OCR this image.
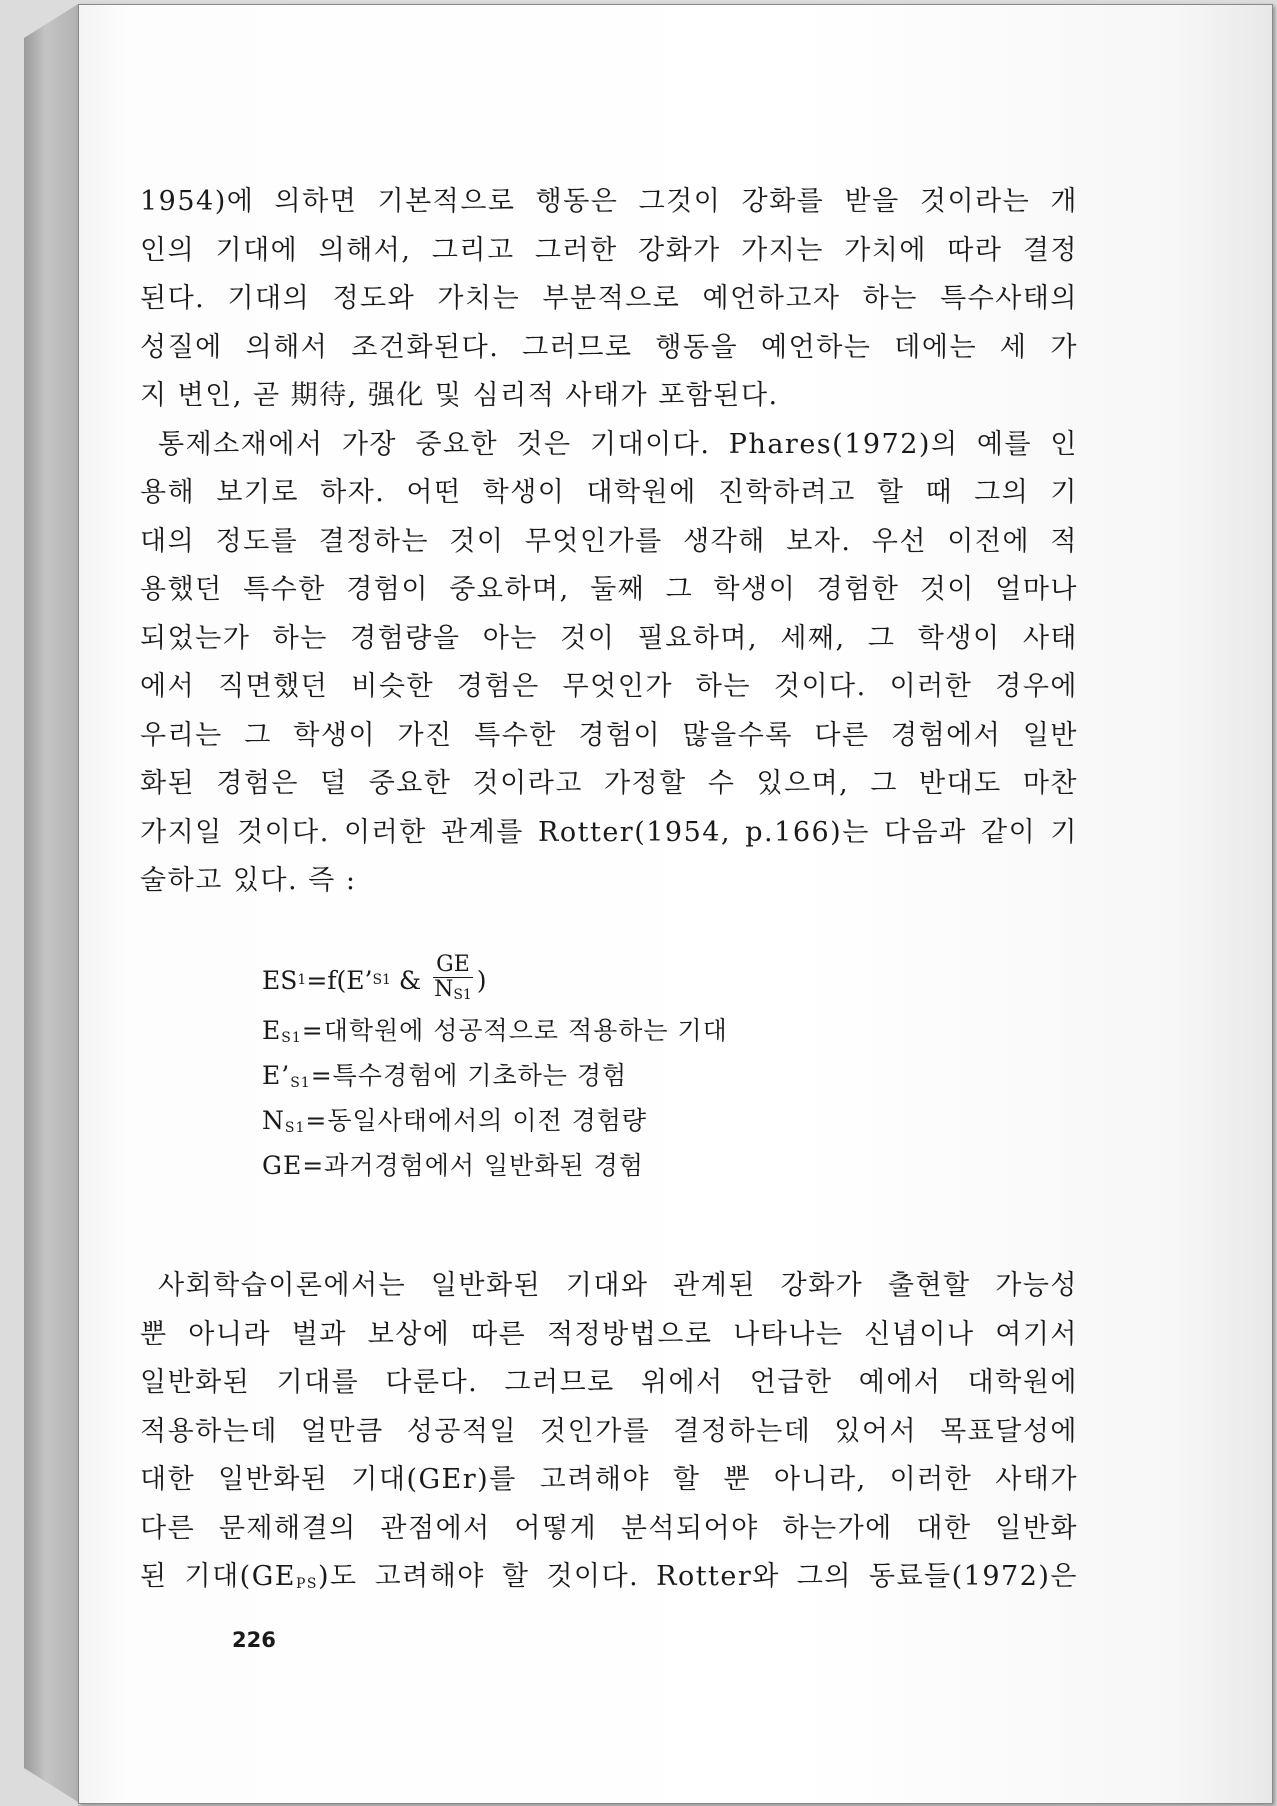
1954)에 의하면 기본적으로 행동은 그것이 강화를 받을 것이라는 개

인의 기대에 의해서, 그리고 그러한 강화가 가지는 가치에 따라 결정

된다. 기대의 정도와 가치는 부분적으로 예언하고자 하는 특수사태의

성질에 의해서 조건화된다. 그러므로 행동을 예언하는 데에는 세 가

지 변인, 곧 期待, 强化 및 심리적 사태가 포함된다.

통제소재에서 가장 중요한 것은 기대이다. Phares(1972)의 예를 인

용해 보기로 하자. 어떤 학생이 대학원에 진학하려고 할 때 그의 기

대의 정도를 결정하는 것이 무엇인가를 생각해 보자. 우선 이전에 적

용했던 특수한 경험이 중요하며, 둘째 그 학생이 경험한 것이 얼마나

되었는가 하는 경험량을 아는 것이 필요하며, 세째, 그 학생이 사태

에서 직면했던 비슷한 경험은 무엇인가 하는 것이다. 이러한 경우에

우리는 그 학생이 가진 특수한 경험이 많을수록 다른 경험에서 일반

화된 경험은 덜 중요한 것이라고 가정할 수 있으며, 그 반대도 마찬

가지일 것이다. 이러한 관계를 Rotter(1954, p.166)는 다음과 같이 기

술하고 있다. 즉 :

ES 1 =f(E’ S1 & $\frac{GE}{N_{S1}}$ )
$E_{S1}=$대학원에 성공적으로 적용하는 기대
$E’_{S1}=$특수경험에 기초하는 경험
$N_{S1}=$동일사태에서의 이전 경험량
GE=과거경험에서 일반화된 경험

사회학습이론에서는 일반화된 기대와 관계된 강화가 출현할 가능성

뿐 아니라 벌과 보상에 따른 적정방법으로 나타나는 신념이나 여기서

일반화된 기대를 다룬다. 그러므로 위에서 언급한 예에서 대학원에

적용하는데 얼만큼 성공적일 것인가를 결정하는데 있어서 목표달성에

대한 일반화된 기대(GEr)를 고려해야 할 뿐 아니라, 이러한 사태가

다른 문제해결의 관점에서 어떻게 분석되어야 하는가에 대한 일반화

된 기대$(GE_{PS})$도 고려해야 할 것이다. Rotter와 그의 동료들(1972)은

226
